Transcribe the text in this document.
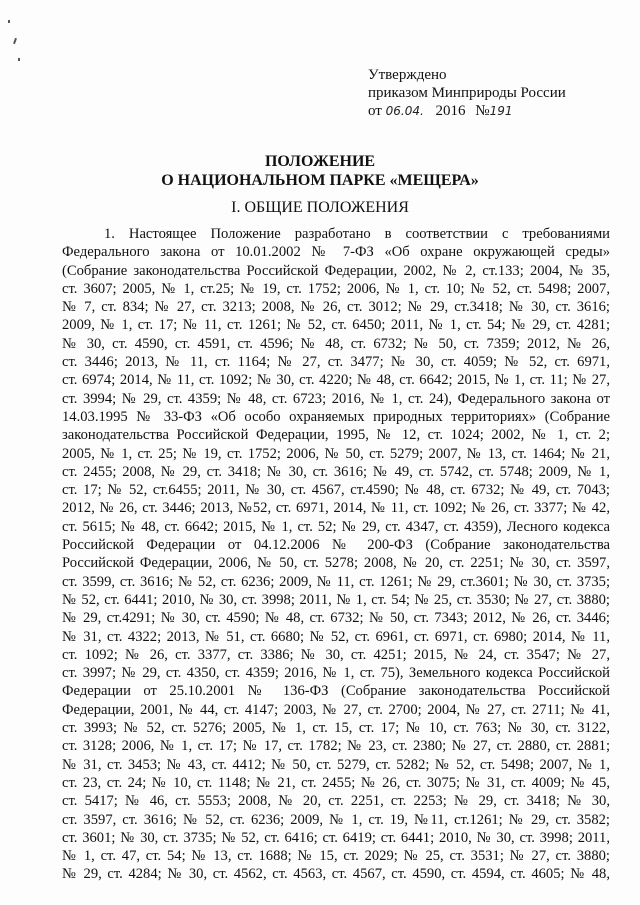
Утверждено
приказом Минприроды России
от 06.04. 2016 №191
ПОЛОЖЕНИЕ
О НАЦИОНАЛЬНОМ ПАРКЕ «МЕЩЕРА»
I. ОБЩИЕ ПОЛОЖЕНИЯ
1. Настоящее Положение разработано в соответствии с требованиями
Федерального закона от 10.01.2002 № 7-ФЗ «Об охране окружающей среды»
(Собрание законодательства Российской Федерации, 2002, № 2, ст.133; 2004, № 35,
ст. 3607; 2005, № 1, ст.25; № 19, ст. 1752; 2006, № 1, ст. 10; № 52, ст. 5498; 2007,
№ 7, ст. 834; № 27, ст. 3213; 2008, № 26, ст. 3012; № 29, ст.3418; № 30, ст. 3616;
2009, № 1, ст. 17; № 11, ст. 1261; № 52, ст. 6450; 2011, № 1, ст. 54; № 29, ст. 4281;
№ 30, ст. 4590, ст. 4591, ст. 4596; № 48, ст. 6732; № 50, ст. 7359; 2012, № 26,
ст. 3446; 2013, № 11, ст. 1164; № 27, ст. 3477; № 30, ст. 4059; № 52, ст. 6971,
ст. 6974; 2014, № 11, ст. 1092; № 30, ст. 4220; № 48, ст. 6642; 2015, № 1, ст. 11; № 27,
ст. 3994; № 29, ст. 4359; № 48, ст. 6723; 2016, № 1, ст. 24), Федерального закона от
14.03.1995 № 33-ФЗ «Об особо охраняемых природных территориях» (Собрание
законодательства Российской Федерации, 1995, № 12, ст. 1024; 2002, № 1, ст. 2;
2005, № 1, ст. 25; № 19, ст. 1752; 2006, № 50, ст. 5279; 2007, № 13, ст. 1464; № 21,
ст. 2455; 2008, № 29, ст. 3418; № 30, ст. 3616; № 49, ст. 5742, ст. 5748; 2009, № 1,
ст. 17; № 52, ст.6455; 2011, № 30, ст. 4567, ст.4590; № 48, ст. 6732; № 49, ст. 7043;
2012, № 26, ст. 3446; 2013, №52, ст. 6971, 2014, № 11, ст. 1092; № 26, ст. 3377; № 42,
ст. 5615; № 48, ст. 6642; 2015, № 1, ст. 52; № 29, ст. 4347, ст. 4359), Лесного кодекса
Российской Федерации от 04.12.2006 № 200-ФЗ (Собрание законодательства
Российской Федерации, 2006, № 50, ст. 5278; 2008, № 20, ст. 2251; № 30, ст. 3597,
ст. 3599, ст. 3616; № 52, ст. 6236; 2009, № 11, ст. 1261; № 29, ст.3601; № 30, ст. 3735;
№ 52, ст. 6441; 2010, № 30, ст. 3998; 2011, № 1, ст. 54; № 25, ст. 3530; № 27, ст. 3880;
№ 29, ст.4291; № 30, ст. 4590; № 48, ст. 6732; № 50, ст. 7343; 2012, № 26, ст. 3446;
№ 31, ст. 4322; 2013, № 51, ст. 6680; № 52, ст. 6961, ст. 6971, ст. 6980; 2014, № 11,
ст. 1092; № 26, ст. 3377, ст. 3386; № 30, ст. 4251; 2015, № 24, ст. 3547; № 27,
ст. 3997; № 29, ст. 4350, ст. 4359; 2016, № 1, ст. 75), Земельного кодекса Российской
Федерации от 25.10.2001 № 136-ФЗ (Собрание законодательства Российской
Федерации, 2001, № 44, ст. 4147; 2003, № 27, ст. 2700; 2004, № 27, ст. 2711; № 41,
ст. 3993; № 52, ст. 5276; 2005, № 1, ст. 15, ст. 17; № 10, ст. 763; № 30, ст. 3122,
ст. 3128; 2006, № 1, ст. 17; № 17, ст. 1782; № 23, ст. 2380; № 27, ст. 2880, ст. 2881;
№ 31, ст. 3453; № 43, ст. 4412; № 50, ст. 5279, ст. 5282; № 52, ст. 5498; 2007, № 1,
ст. 23, ст. 24; № 10, ст. 1148; № 21, ст. 2455; № 26, ст. 3075; № 31, ст. 4009; № 45,
ст. 5417; № 46, ст. 5553; 2008, № 20, ст. 2251, ст. 2253; № 29, ст. 3418; № 30,
ст. 3597, ст. 3616; № 52, ст. 6236; 2009, № 1, ст. 19, №11, ст.1261; № 29, ст. 3582;
ст. 3601; № 30, ст. 3735; № 52, ст. 6416; ст. 6419; ст. 6441; 2010, № 30, ст. 3998; 2011,
№ 1, ст. 47, ст. 54; № 13, ст. 1688; № 15, ст. 2029; № 25, ст. 3531; № 27, ст. 3880;
№ 29, ст. 4284; № 30, ст. 4562, ст. 4563, ст. 4567, ст. 4590, ст. 4594, ст. 4605; № 48,
